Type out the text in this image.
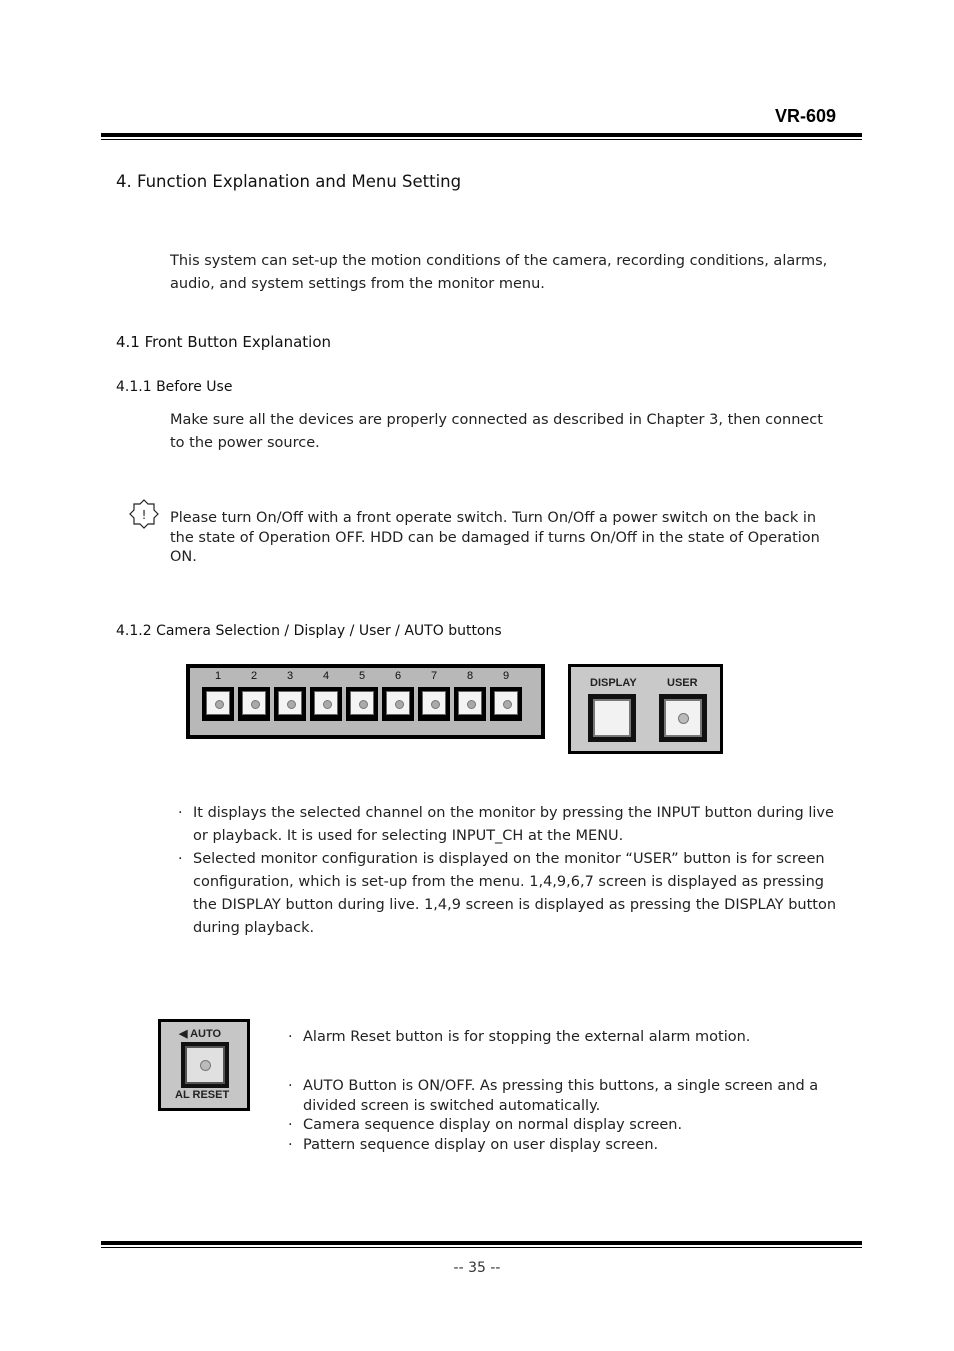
VR-609
4. Function Explanation and Menu Setting
This system can set-up the motion conditions of the camera, recording conditions, alarms, audio, and system settings from the monitor menu.
4.1 Front Button Explanation
4.1.1 Before Use
Make sure all the devices are properly connected as described in Chapter 3, then connect to the power source.
! Please turn On/Off with a front operate switch. Turn On/Off a power switch on the back in the state of Operation OFF. HDD can be damaged if turns On/Off in the state of Operation ON.
4.1.2 Camera Selection / Display / User / AUTO buttons
1	2	3	4	5	6	7	8	9
DISPLAY	USER
· It displays the selected channel on the monitor by pressing the INPUT button during live or playback. It is used for selecting INPUT_CH at the MENU.
· Selected monitor configuration is displayed on the monitor “USER” button is for screen configuration, which is set-up from the menu. 1,4,9,6,7 screen is displayed as pressing the DISPLAY button during live. 1,4,9 screen is displayed as pressing the DISPLAY button during playback.
◀ AUTO
AL RESET
· Alarm Reset button is for stopping the external alarm motion.
· AUTO Button is ON/OFF. As pressing this buttons, a single screen and a divided screen is switched automatically.
· Camera sequence display on normal display screen.
· Pattern sequence display on user display screen.
-- 35 --
